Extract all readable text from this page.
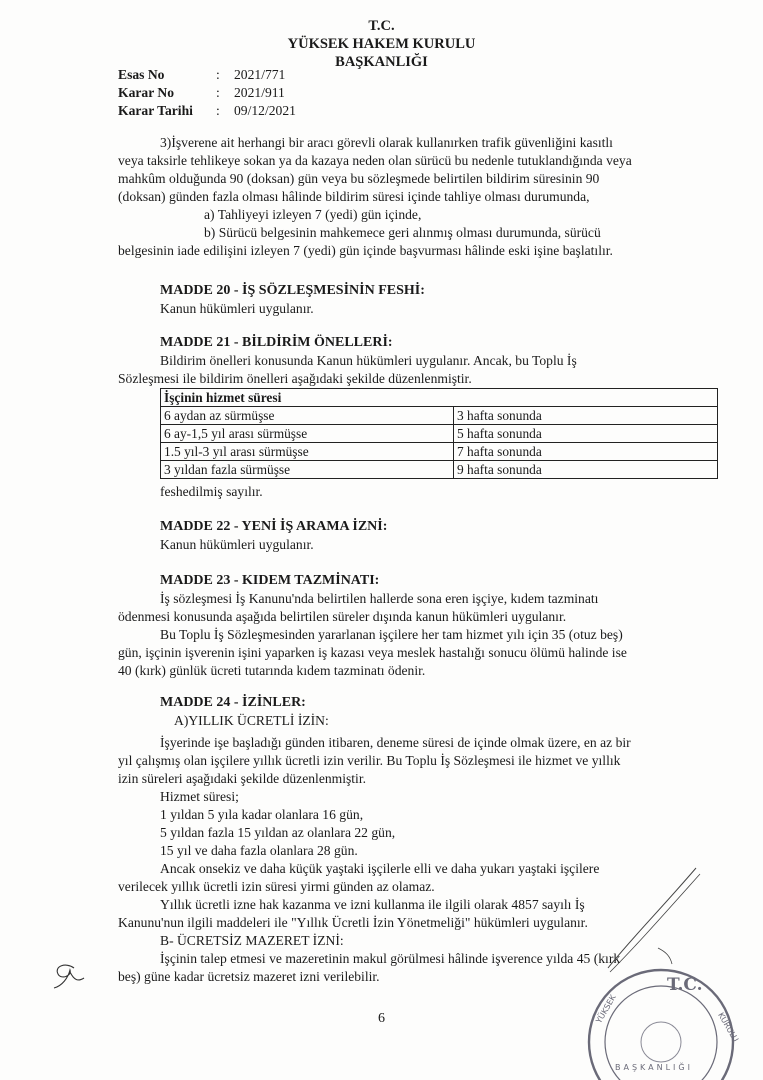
T.C.
YÜKSEK HAKEM KURULU
BAŞKANLIĞI
Esas No	: 2021/771
Karar No	: 2021/911
Karar Tarihi : 09/12/2021
3)İşverene ait herhangi bir aracı görevli olarak kullanırken trafik güvenliğini kasıtlı
veya taksirle tehlikeye sokan ya da kazaya neden olan sürücü bu nedenle tutuklandığında veya
mahkûm olduğunda 90 (doksan) gün veya bu sözleşmede belirtilen bildirim süresinin 90
(doksan) günden fazla olması hâlinde bildirim süresi içinde tahliye olması durumunda,
a) Tahliyeyi izleyen 7 (yedi) gün içinde,
b) Sürücü belgesinin mahkemece geri alınmış olması durumunda, sürücü
belgesinin iade edilişini izleyen 7 (yedi) gün içinde başvurması hâlinde eski işine başlatılır.
MADDE 20 - İŞ SÖZLEŞMESİNİN FESHİ:
Kanun hükümleri uygulanır.
MADDE 21 - BİLDİRİM ÖNELLERİ:
Bildirim önelleri konusunda Kanun hükümleri uygulanır. Ancak, bu Toplu İş
Sözleşmesi ile bildirim önelleri aşağıdaki şekilde düzenlenmiştir.
İşçinin hizmet süresi	
6 aydan az sürmüşse	3 hafta sonunda
6 ay-1,5 yıl arası sürmüşse	5 hafta sonunda
1.5 yıl-3 yıl arası sürmüşse	7 hafta sonunda
3 yıldan fazla sürmüşse	9 hafta sonunda
feshedilmiş sayılır.
MADDE 22 - YENİ İŞ ARAMA İZNİ:
Kanun hükümleri uygulanır.
MADDE 23 - KIDEM TAZMİNATI:
İş sözleşmesi İş Kanunu'nda belirtilen hallerde sona eren işçiye, kıdem tazminatı
ödenmesi konusunda aşağıda belirtilen süreler dışında kanun hükümleri uygulanır.
Bu Toplu İş Sözleşmesinden yararlanan işçilere her tam hizmet yılı için 35 (otuz beş)
gün, işçinin işverenin işini yaparken iş kazası veya meslek hastalığı sonucu ölümü halinde ise
40 (kırk) günlük ücreti tutarında kıdem tazminatı ödenir.
MADDE 24 - İZİNLER:
A)YILLIK ÜCRETLİ İZİN:
İşyerinde işe başladığı günden itibaren, deneme süresi de içinde olmak üzere, en az bir
yıl çalışmış olan işçilere yıllık ücretli izin verilir. Bu Toplu İş Sözleşmesi ile hizmet ve yıllık
izin süreleri aşağıdaki şekilde düzenlenmiştir.
Hizmet süresi;
1 yıldan 5 yıla kadar olanlara 16 gün,
5 yıldan fazla 15 yıldan az olanlara 22 gün,
15 yıl ve daha fazla olanlara 28 gün.
Ancak onsekiz ve daha küçük yaştaki işçilerle elli ve daha yukarı yaştaki işçilere
verilecek yıllık ücretli izin süresi yirmi günden az olamaz.
Yıllık ücretli izne hak kazanma ve izni kullanma ile ilgili olarak 4857 sayılı İş
Kanunu'nun ilgili maddeleri ile "Yıllık Ücretli İzin Yönetmeliği" hükümleri uygulanır.
B- ÜCRETSİZ MAZERET İZNİ:
İşçinin talep etmesi ve mazeretinin makul görülmesi hâlinde işverence yılda 45 (kırk
beş) güne kadar ücretsiz mazeret izni verilebilir.
6
T.C.
YÜKSEK
KURULU
BAŞKANLIĞI
